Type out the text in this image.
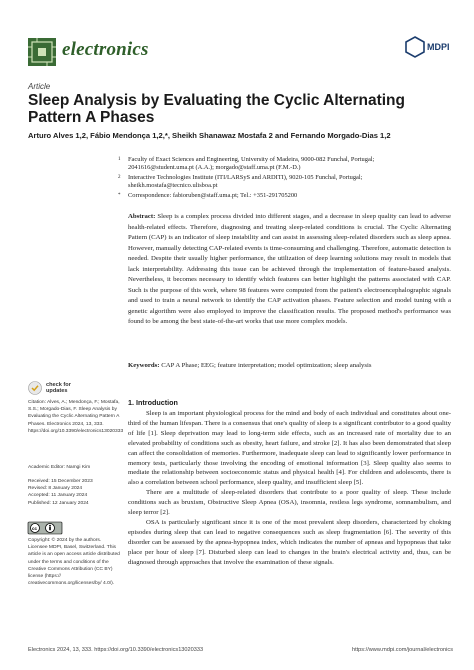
electronics	MDPI
Article
Sleep Analysis by Evaluating the Cyclic Alternating Pattern A Phases
Arturo Alves 1,2, Fábio Mendonça 1,2,*, Sheikh Shanawaz Mostafa 2 and Fernando Morgado-Dias 1,2
1 Faculty of Exact Sciences and Engineering, University of Madeira, 9000-082 Funchal, Portugal;
2041616@student.uma.pt (A.A.); morgado@staff.uma.pt (F.M.-D.)
2 Interactive Technologies Institute (ITI/LARSyS and ARDITI), 9020-105 Funchal, Portugal;
sheikh.mostafa@tecnico.ulisboa.pt
* Correspondence: fabioruben@staff.uma.pt; Tel.: +351-291705200
Abstract: Sleep is a complex process divided into different stages, and a decrease in sleep quality can lead to adverse health-related effects. Therefore, diagnosing and treating sleep-related conditions is crucial. The Cyclic Alternating Pattern (CAP) is an indicator of sleep instability and can assist in assessing sleep-related disorders such as sleep apnea. However, manually detecting CAP-related events is time-consuming and challenging. Therefore, automatic detection is needed. Despite their usually higher performance, the utilization of deep learning solutions may result in models that lack interpretability. Addressing this issue can be achieved through the implementation of feature-based analysis. Nevertheless, it becomes necessary to identify which features can better highlight the patterns associated with CAP. Such is the purpose of this work, where 98 features were computed from the patient's electroencephalographic signals and used to train a neural network to identify the CAP activation phases. Feature selection and model tuning with a genetic algorithm were also employed to improve the classification results. The proposed method's performance was found to be among the best state-of-the-art works that use more complex models.
Keywords: CAP A Phase; EEG; feature interpretation; model optimization; sleep analysis
check for
updates
Citation: Alves, A.; Mendonça, F.; Mostafa, S.S.; Morgado-Dias, F. Sleep Analysis by Evaluating the Cyclic Alternating Pattern A Phases. Electronics 2024, 13, 333. https://doi.org/10.3390/electronics13020333
Academic Editor: Namgi Kim
Received: 15 December 2023
Revised: 8 January 2024
Accepted: 11 January 2024
Published: 12 January 2024
cc
Copyright: © 2024 by the authors. Licensee MDPI, Basel, Switzerland. This article is an open access article distributed under the terms and conditions of the Creative Commons Attribution (CC BY) license (https:// creativecommons.org/licenses/by/ 4.0/).
1. Introduction

Sleep is an important physiological process for the mind and body of each individual and constitutes about one-third of the human lifespan. There is a consensus that one's quality of sleep is a significant contributor to a good quality of life [1]. Sleep deprivation may lead to long-term side effects, such as an increased rate of mortality due to an elevated probability of conditions such as obesity, heart failure, and stroke [2]. It has also been demonstrated that sleep can affect the consolidation of memories. Furthermore, inadequate sleep can lead to significantly lower performance in memory tests, particularly those involving the encoding of emotional information [3]. Sleep quality also seems to mediate the relationship between socioeconomic status and physical health [4]. For children and adolescents, there is also a correlation between school performance, sleep quality, and insufficient sleep [5].

There are a multitude of sleep-related disorders that contribute to a poor quality of sleep. These include conditions such as bruxism, Obstructive Sleep Apnea (OSA), insomnia, restless legs syndrome, somnambulism, and sleep terror [2].

OSA is particularly significant since it is one of the most prevalent sleep disorders, characterized by choking episodes during sleep that can lead to negative consequences such as sleep fragmentation [6]. The severity of this disorder can be assessed by the apnea-hypopnea index, which indicates the number of apneas and hypopneas that take place per hour of sleep [7]. Disturbed sleep can lead to changes in the brain's electrical activity and, thus, can be diagnosed through approaches that involve the examination of these signals.

Electronics 2024, 13, 333. https://doi.org/10.3390/electronics13020333	https://www.mdpi.com/journal/electronics
